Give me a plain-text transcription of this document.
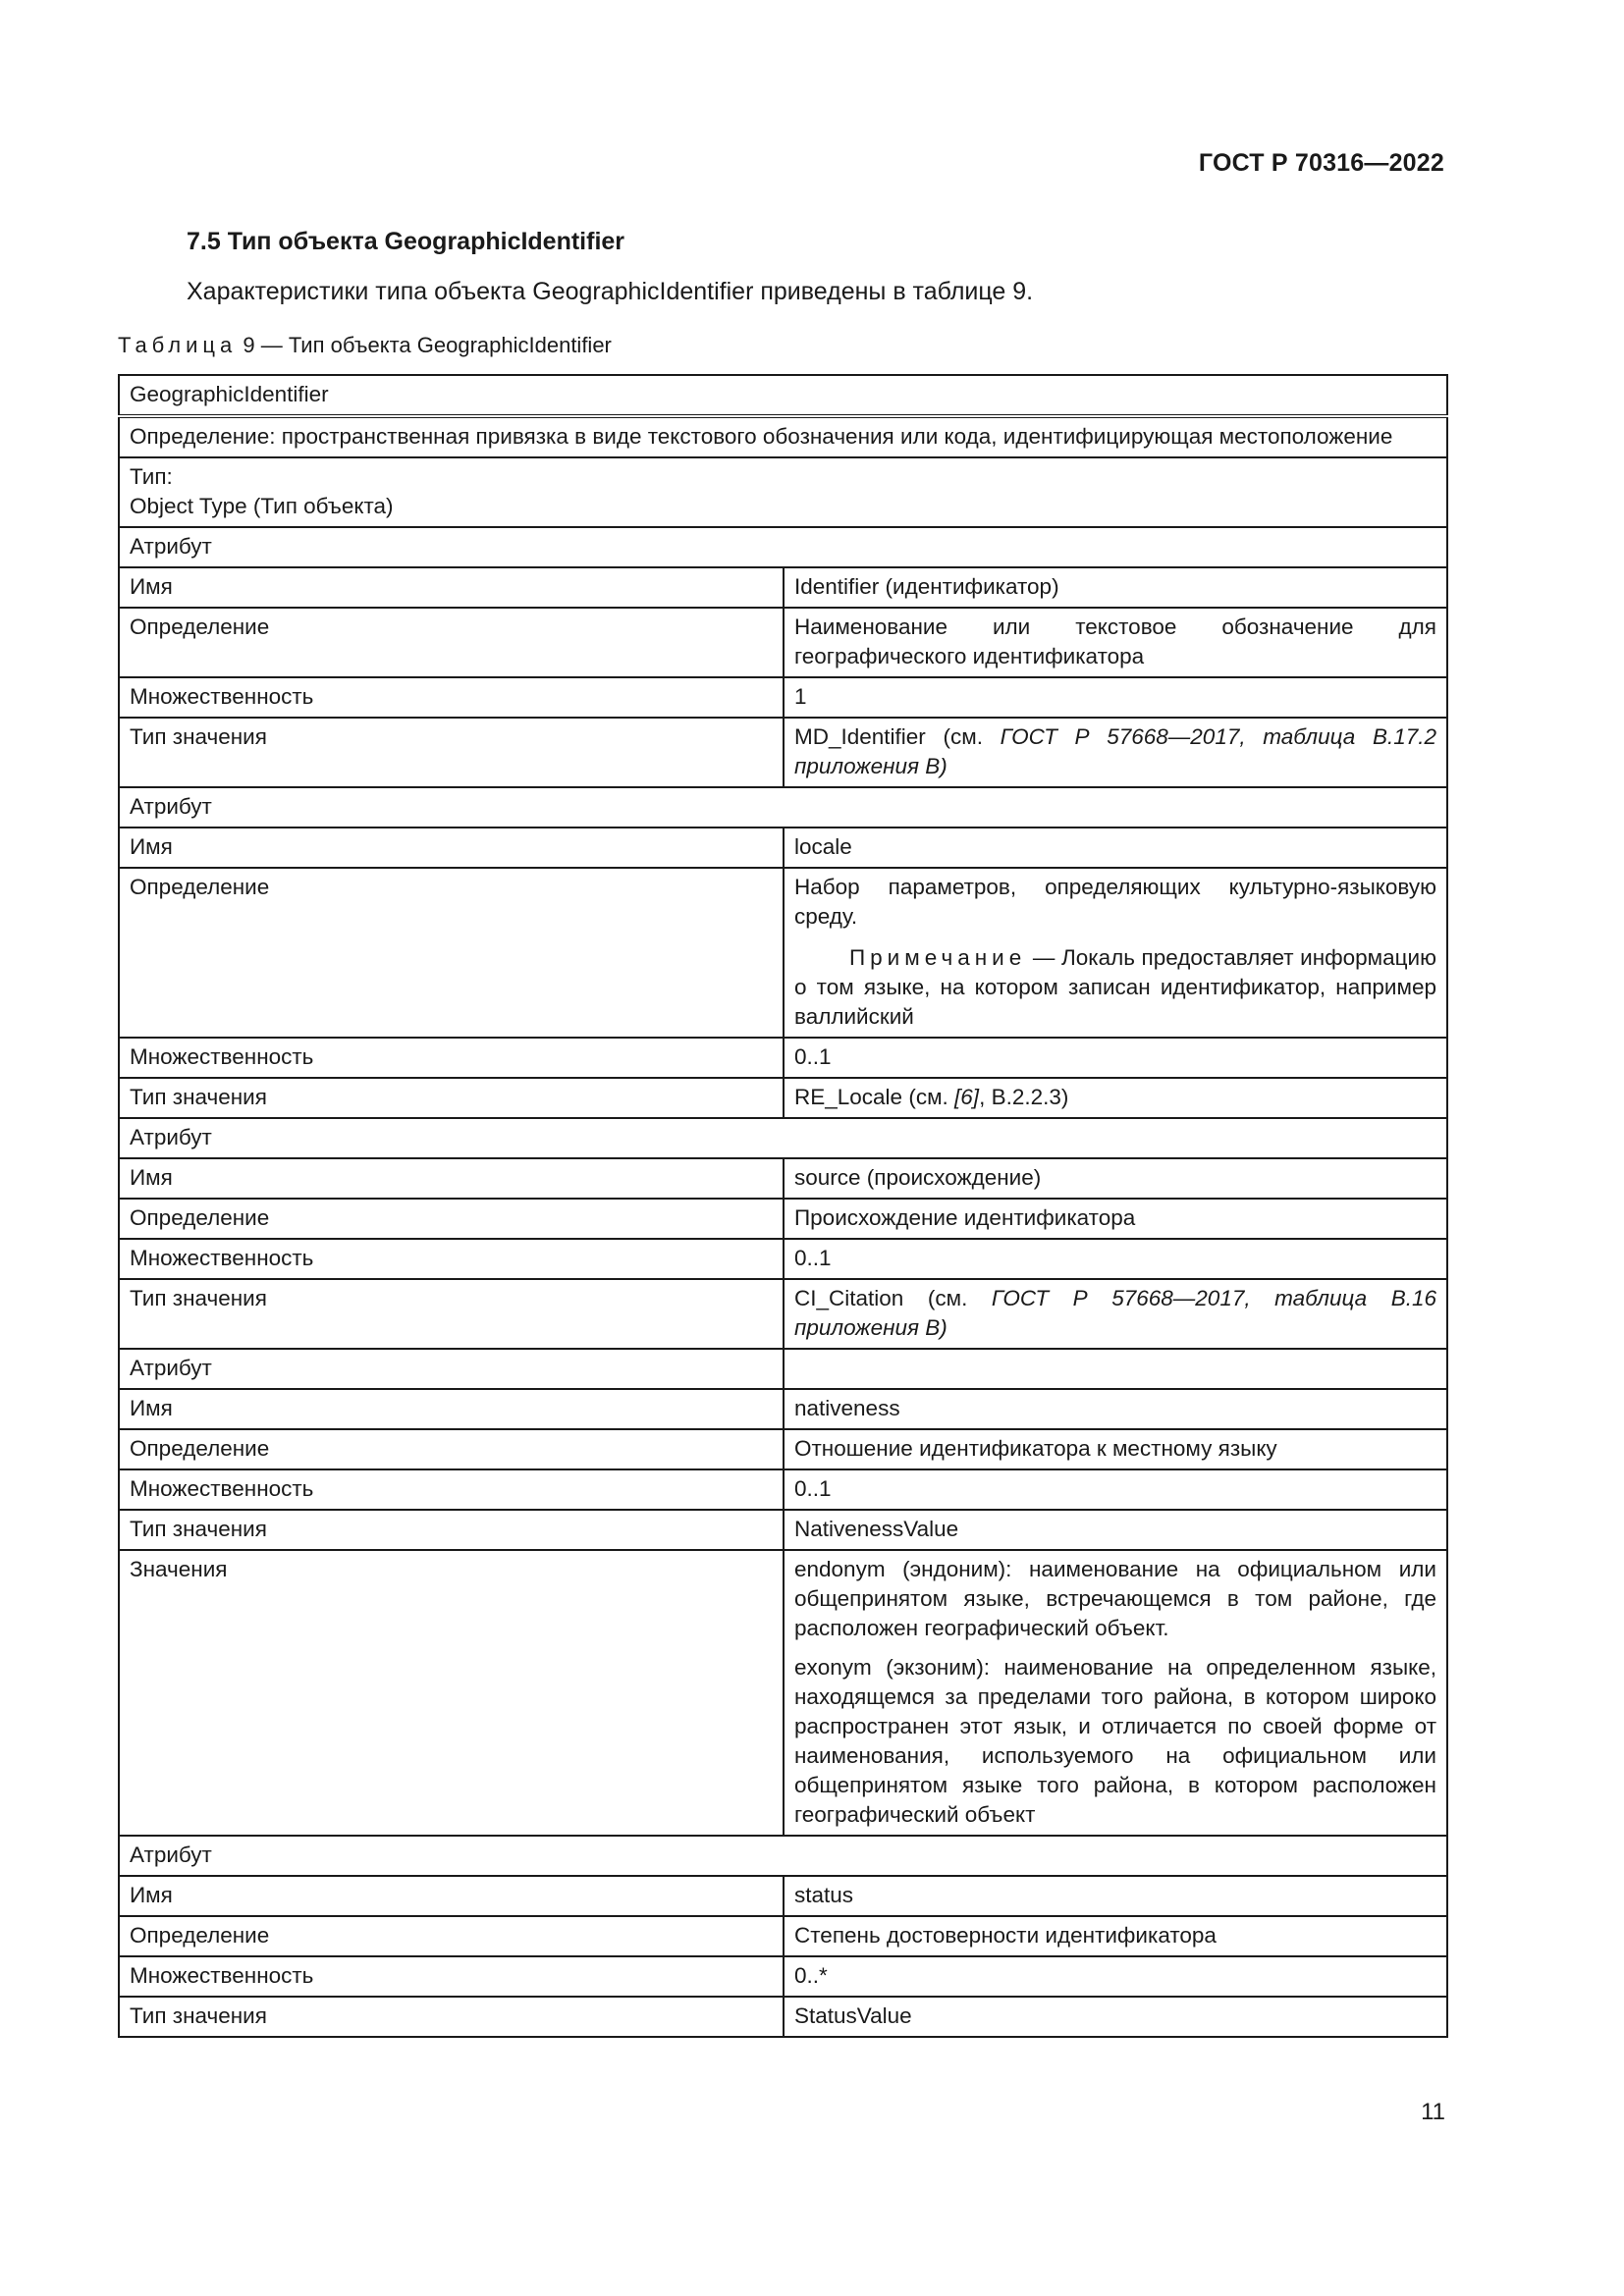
ГОСТ Р 70316—2022
7.5 Тип объекта GeographicIdentifier
Характеристики типа объекта GeographicIdentifier приведены в таблице 9.
Таблица 9 — Тип объекта GeographicIdentifier
GeographicIdentifier	
Определение: пространственная привязка в виде текстового обозначения или кода, идентифицирующая местоположение	

Тип:
Object Type (Тип объекта)	

Атрибут	
Имя	Identifier (идентификатор)
Определение	Наименование или текстовое обозначение для географического идентификатора
Множественность	1
Тип значения	MD_Identifier (см. ГОСТ Р 57668—2017, таблица В.17.2 приложения В)
Атрибут	
Имя	locale
Определение	Набор параметров, определяющих культурно-языковую среду.
Примечание — Локаль предоставляет информацию о том языке, на котором записан идентификатор, например валлийский

Множественность	0..1
Тип значения	RE_Locale (см. [6], B.2.2.3)
Атрибут	
Имя	source (происхождение)
Определение	Происхождение идентификатора
Множественность	0..1
Тип значения	CI_Citation (см. ГОСТ Р 57668—2017, таблица В.16 приложения В)
Атрибут	
Имя	nativeness
Определение	Отношение идентификатора к местному языку
Множественность	0..1
Тип значения	NativenessValue
Значения	endonym (эндоним): наименование на официальном или общепринятом языке, встречающемся в том районе, где расположен географический объект.
exonym (экзоним): наименование на определенном языке, находящемся за пределами того района, в котором широко распространен этот язык, и отличается по своей форме от наименования, используемого на официальном или общепринятом языке того района, в котором расположен географический объект

Атрибут	
Имя	status
Определение	Степень достоверности идентификатора
Множественность	0..*
Тип значения	StatusValue
11
